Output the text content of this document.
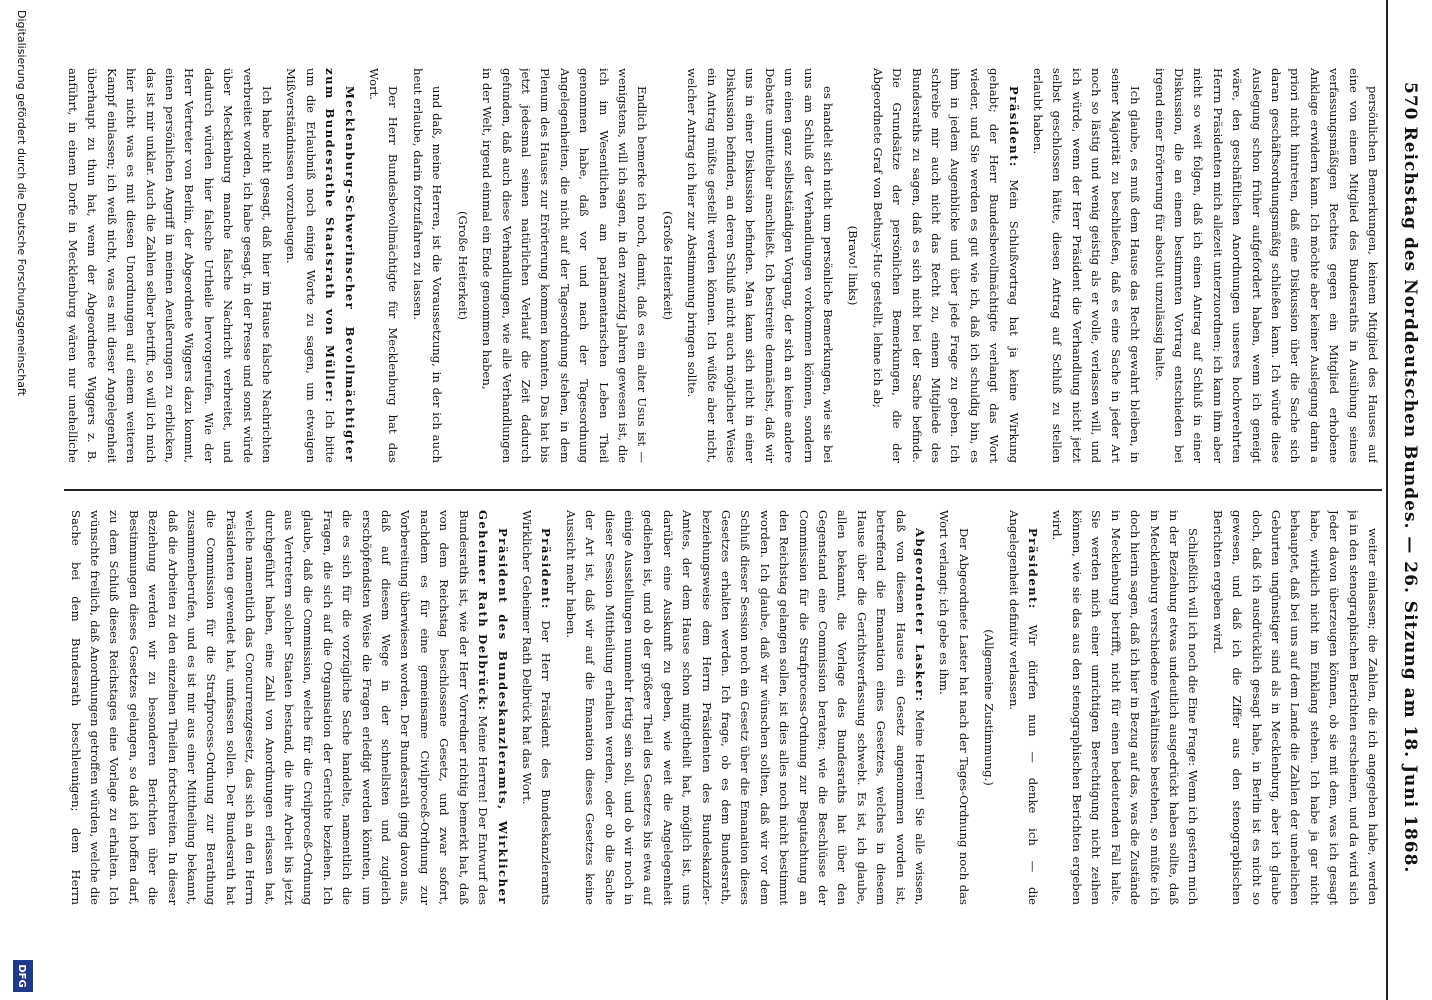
570
Reichstag des Norddeutschen Bundes. — 26. Sitzung am 18. Juni 1868.

persönlichen Bemerkungen, keinem Mitglied des Hauses auf eine von einem Mitglied des Bundesraths in Ausübung seines verfassungsmäßigen Rechtes gegen ein Mitglied erhobene Anklage erwidern kann. Ich möchte aber keiner Auslegung darin a priori nicht hintreten, daß eine Diskussion über die Sache sich daran geschäftsordnungsmäßig schließen kann. Ich würde diese Auslegung schon früher aufgefordert haben, wenn ich geneigt wäre, den geschäftlichen Anordnungen unseres hochverehrten Herrn Präsidenten mich allezeit unterzuordnen; ich kann ihm aber nicht so weit folgen, daß ich einen Antrag auf Schluß in einer Diskussion, die an einem bestimmten Vortrag entschieden bei irgend einer Erörterung für absolut unzulässig halte.

Ich glaube, es muß dem Hause das Recht gewahrt bleiben, in seiner Majorität zu beschließen, daß es eine Sache in jeder Art noch so lästig und wenig geistig als er wolle, verlassen will, und ich würde, wenn der Herr Präsident die Verhandlung nicht jetzt selbst geschlossen hätte, diesen Antrag auf Schluß zu stellen erlaubt haben.

Präsident: Mein Schlußvortrag hat ja keine Wirkung gehabt; der Herr Bundesbevollmächtigte verlangt das Wort wieder, und Sie werden es gut wie ich, daß ich schuldig bin, es ihm in jedem Augenblicke und über jede Frage zu geben. Ich schreibe mir auch nicht das Recht zu, einem Mitgliede des Bundesraths zu sagen, daß es sich nicht bei der Sache befinde. Die Grundsätze der persönlichen Bemerkungen, die der Abgeordnete Graf von Bethusy-Huc gestellt, lehne ich ab;

(Bravo! links)

es handelt sich nicht um persönliche Bemerkungen, wie sie bei uns am Schluß der Verhandlungen vorkommen können, sondern um einen ganz selbstständigen Vorgang, der sich an keine andere Debatte unmittelbar anschließt. Ich bestreite demnächst, daß wir uns in einer Diskussion befinden. Man kann sich nicht in einer Diskussion befinden, an deren Schluß nicht auch möglicher Weise ein Antrag müßte gestellt werden können. Ich wüßte aber nicht, welcher Antrag ich hier zur Abstimmung bringen sollte.

(Große Heiterkeit)

Endlich bemerke ich noch, damit, daß es ein alter Usus ist — wenigstens, will ich sagen, in den zwanzig Jahren gewesen ist, die ich im Wesentlichen am parlamentarischen Leben Theil genommen habe, daß vor und nach der Tagesordnung Angelegenheiten, die nicht auf der Tagesordnung stehen, in dem Plenum des Hauses zur Erörterung kommen konnten. Das hat bis jetzt jedesmal seinen natürlichen Verlauf die Zeit dadurch gefunden, daß auch diese Verhandlungen, wie alle Verhandlungen in der Welt, irgend einmal ein Ende genommen haben,

(Große Heiterkeit)

und daß, meine Herren, ist die Voraussetzung, in der ich auch heut erlaube, darin fortzufahren zu lassen.

Der Herr Bundesbevollmächtigte für Mecklenburg hat das Wort.

Mecklenburg-Schwerinscher Bevollmächtigter zum Bundesrathe Staatsrath von Müller: Ich bitte um die Erlaubniß noch einige Worte zu sagen, um etwaigen Mißverständnissen vorzubeugen.

Ich habe nicht gesagt, daß hier im Hause falsche Nachrichten verbreitet worden, ich habe gesagt, in der Presse und sonst würde über Mecklenburg manche falsche Nachricht verbreitet, und dadurch würden hier falsche Urtheile hervorgerufen. Wie der Herr Vertreter von Berlin, der Abgeordnete Wiggers dazu kommt, einen persönlichen Angriff in meinen Aeußerungen zu erblicken, das ist mir unklar. Auch die Zahlen selber betrifft, so will ich mich hier nicht was es mit diesen Unordnungen auf einem weiteren Kampf einlassen; ich weiß nicht, was es mit dieser Angelegenheit überhaupt zu thun hat, wenn der Abgeordnete Wiggers z. B. anführt, in einem Dorfe in Mecklenburg wären nur unehelliche

weiter einlassen; die Zahlen, die ich angegeben habe, werden ja in den stenographischen Berichten erscheinen, und da wird sich Jeder davon überzeugen können, ob sie mit dem, was ich gesagt habe, wirklich nicht im Einklang stehen. Ich habe ja gar nicht behauptet, daß bei uns auf dem Lande die Zahlen der unehelichen Geburten ungünstiger sind als in Mecklenburg, aber ich glaube doch, daß ich ausdrücklich gesagt habe, in Berlin ist es nicht so gewesen, und daß ich die Ziffer aus den stenographischen Berichten ergeben wird.

Schließlich will ich noch die Eine Frage: Wenn ich gestern mich in der Beziehung etwas undeutlich ausgedrückt haben sollte, daß in Mecklenburg verschiedene Verhältnisse bestehen, so müßte ich doch hierin sagen, daß ich hier in Bezug auf das, was die Zustände in Mecklenburg betrifft, nicht für einen bedeutenden Fall halte. Sie werden mich einer unrichtigen Berechtigung nicht zeihen können, wie sie das aus den stenographischen Berichten ergeben wird.

Präsident: Wir dürfen nun — denke ich — die Angelegenheit definitiv verlassen.

(Allgemeine Zustimmung.)

Der Abgeordnete Laster hat nach der Tages-Ordnung noch das Wort verlangt; ich gebe es ihm.

Abgeordneter Lasker: Meine Herren! Sie alle wissen, daß von diesem Hause ein Gesetz angenommen worden ist, betreffend die Emanation eines Gesetzes, welches in diesem Hause über die Gerichtsverfassung schwebt. Es ist, ich glaube, allen bekannt, die Vorlage des Bundesraths hat über den Gegenstand eine Commission beraten; wie die Beschlüsse der Commission für die Strafprocess-Ordnung zur Begutachtung an den Reichstag gelangen sollen, ist dies alles noch nicht bestimmt worden. Ich glaube, daß wir wünschen sollten, daß wir vor dem Schluß dieser Session noch ein Gesetz über die Emanation dieses Gesetzes erhalten werden. Ich frage, ob es dem Bundesrath, beziehungsweise dem Herrn Präsidenten des Bundeskanzler-Amtes, der dem Hause schon mitgetheilt hat, möglich ist, uns darüber eine Auskunft zu geben, wie weit die Angelegenheit gediehen ist, und ob der größere Theil des Gesetzes bis etwa auf einige Ausstellungen nunmehr fertig sein soll, und ob wir noch in dieser Session Mittheilung erhalten werden, oder ob die Sache der Art ist, daß wir auf die Emanation dieses Gesetzes keine Aussicht mehr haben.

Präsident: Der Herr Präsident des Bundeskanzleramts Wirklicher Geheimer Rath Delbrück hat das Wort.

Präsident des Bundeskanzleramts, Wirklicher Geheimer Rath Delbrück: Meine Herren! Der Entwurf des Bundesraths ist, wie der Herr Vorredner richtig bemerkt hat, daß von dem Reichstag beschlossene Gesetz, und zwar sofort, nachdem es für eine gemeinsame Civilproceß-Ordnung zur Vorbereitung überwiesen worden. Der Bundesrath ging davon aus, daß auf diesem Wege in der schnellsten und zugleich erschöpfendsten Weise die Fragen erledigt werden könnten, um die es sich für die vorzügliche Sache handelte, namentlich die Fragen, die sich auf die Organisation der Gerichte beziehen. Ich glaube, daß die Commission, welche für die Civilproceß-Ordnung aus Vertretern solcher Staaten bestand, die ihre Arbeit bis jetzt durchgeführt haben, eine Zahl von Anordnungen erlassen hat, welche namentlich das Concurrenzgesetz, das sich an den Herrn Präsidenten gewendet hat, umfassen sollen. Der Bundesrath hat die Commission für die Strafprocess-Ordnung zur Berathung zusammenberufen, und es ist mir aus einer Mittheilung bekannt, daß die Arbeiten zu den einzelnen Theilen fortschreiten. In dieser Beziehung werden wir zu besonderen Berichten über die Bestimmungen dieses Gesetzes gelangen, so daß ich hoffen darf, zu dem Schluß dieses Reichstages eine Vorlage zu erhalten. Ich wünschte freilich, daß Anordnungen getroffen würden, welche die Sache bei dem Bundesrath beschleunigen; dem Herrn

Digitalisierung gefördert durch die Deutsche Forschungsgemeinschaft
DFG
